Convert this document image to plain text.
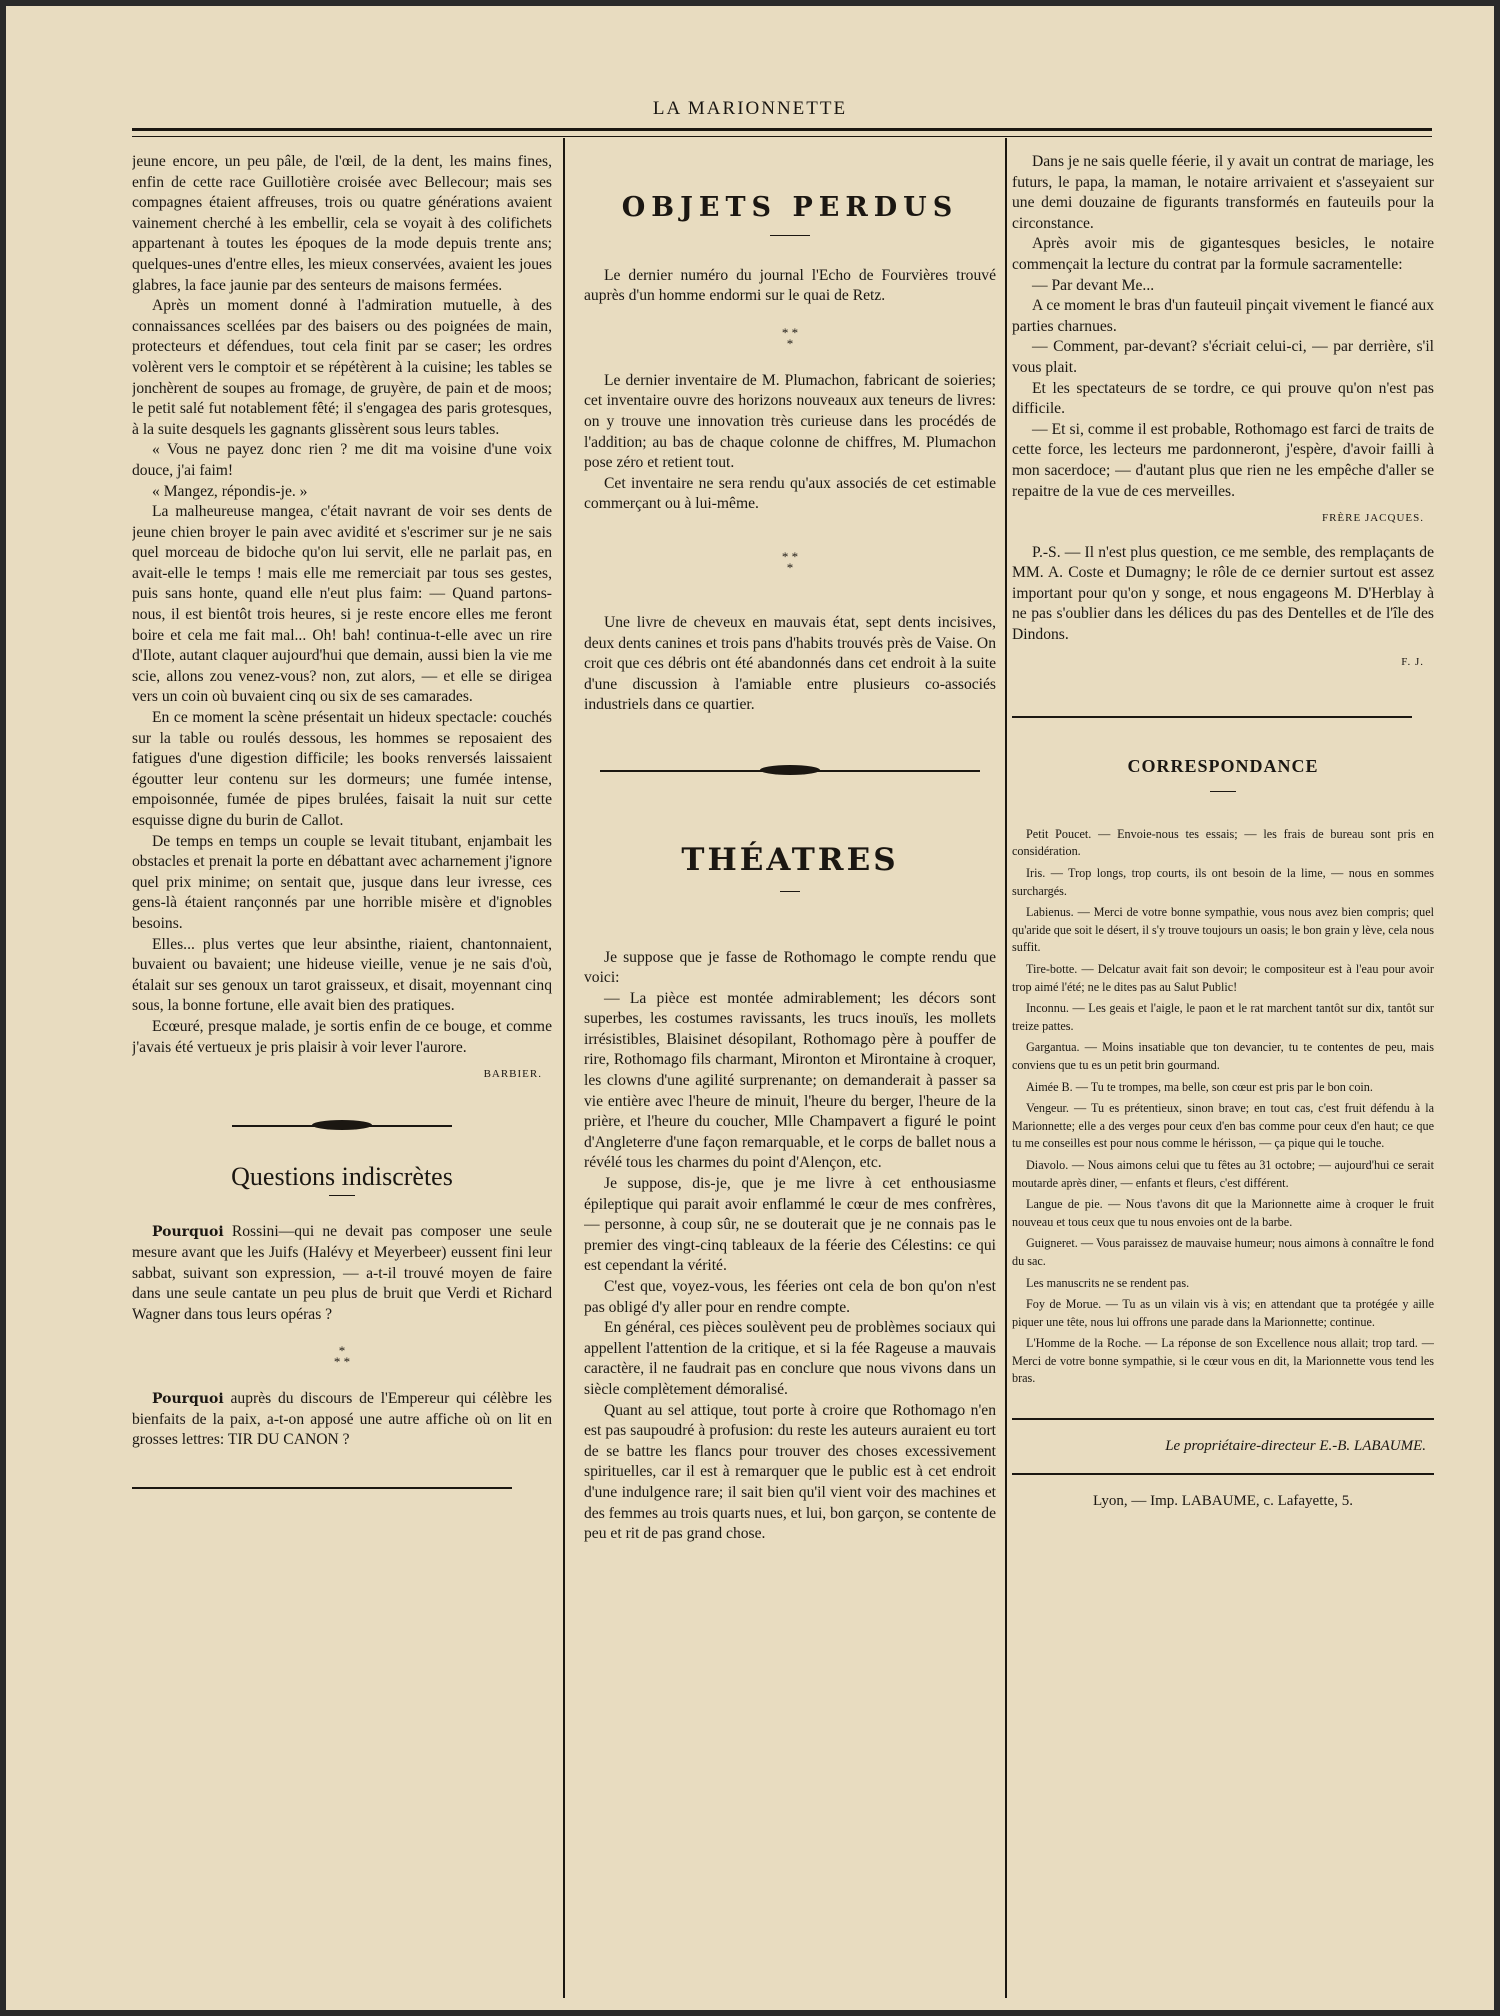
LA MARIONNETTE

jeune encore, un peu pâle, de l'œil, de la dent, les mains fines, enfin de cette race Guillotière croisée avec Bellecour; mais ses compagnes étaient affreuses, trois ou quatre générations avaient vainement cherché à les embellir, cela se voyait à des colifichets appartenant à toutes les époques de la mode depuis trente ans; quelques-unes d'entre elles, les mieux conservées, avaient les joues glabres, la face jaunie par des senteurs de maisons fermées.

Après un moment donné à l'admiration mutuelle, à des connaissances scellées par des baisers ou des poignées de main, protecteurs et défendues, tout cela finit par se caser; les ordres volèrent vers le comptoir et se répétèrent à la cuisine; les tables se jonchèrent de soupes au fromage, de gruyère, de pain et de moos; le petit salé fut notablement fêté; il s'engagea des paris grotesques, à la suite desquels les gagnants glissèrent sous leurs tables.

« Vous ne payez donc rien ? me dit ma voisine d'une voix douce, j'ai faim!

« Mangez, répondis-je. »

La malheureuse mangea, c'était navrant de voir ses dents de jeune chien broyer le pain avec avidité et s'escrimer sur je ne sais quel morceau de bidoche qu'on lui servit, elle ne parlait pas, en avait-elle le temps ! mais elle me remerciait par tous ses gestes, puis sans honte, quand elle n'eut plus faim: — Quand partons-nous, il est bientôt trois heures, si je reste encore elles me feront boire et cela me fait mal... Oh! bah! continua-t-elle avec un rire d'Ilote, autant claquer aujourd'hui que demain, aussi bien la vie me scie, allons zou venez-vous? non, zut alors, — et elle se dirigea vers un coin où buvaient cinq ou six de ses camarades.

En ce moment la scène présentait un hideux spectacle: couchés sur la table ou roulés dessous, les hommes se reposaient des fatigues d'une digestion difficile; les books renversés laissaient égoutter leur contenu sur les dormeurs; une fumée intense, empoisonnée, fumée de pipes brulées, faisait la nuit sur cette esquisse digne du burin de Callot.

De temps en temps un couple se levait titubant, enjambait les obstacles et prenait la porte en débattant avec acharnement j'ignore quel prix minime; on sentait que, jusque dans leur ivresse, ces gens-là étaient rançonnés par une horrible misère et d'ignobles besoins.

Elles... plus vertes que leur absinthe, riaient, chantonnaient, buvaient ou bavaient; une hideuse vieille, venue je ne sais d'où, étalait sur ses genoux un tarot graisseux, et disait, moyennant cinq sous, la bonne fortune, elle avait bien des pratiques.

Ecœuré, presque malade, je sortis enfin de ce bouge, et comme j'avais été vertueux je pris plaisir à voir lever l'aurore.

BARBIER.
Questions indiscrètes

Pourquoi Rossini—qui ne devait pas composer une seule mesure avant que les Juifs (Halévy et Meyerbeer) eussent fini leur sabbat, suivant son expression, — a-t-il trouvé moyen de faire dans une seule cantate un peu plus de bruit que Verdi et Richard Wagner dans tous leurs opéras ?

*
* *

Pourquoi auprès du discours de l'Empereur qui célèbre les bienfaits de la paix, a-t-on apposé une autre affiche où on lit en grosses lettres: TIR DU CANON ?

OBJETS PERDUS

Le dernier numéro du journal l'Echo de Fourvières trouvé auprès d'un homme endormi sur le quai de Retz.

* *
*

Le dernier inventaire de M. Plumachon, fabricant de soieries; cet inventaire ouvre des horizons nouveaux aux teneurs de livres: on y trouve une innovation très curieuse dans les procédés de l'addition; au bas de chaque colonne de chiffres, M. Plumachon pose zéro et retient tout.

Cet inventaire ne sera rendu qu'aux associés de cet estimable commerçant ou à lui-même.

* *
*

Une livre de cheveux en mauvais état, sept dents incisives, deux dents canines et trois pans d'habits trouvés près de Vaise. On croit que ces débris ont été abandonnés dans cet endroit à la suite d'une discussion à l'amiable entre plusieurs co-associés industriels dans ce quartier.

THÉATRES

Je suppose que je fasse de Rothomago le compte rendu que voici:

— La pièce est montée admirablement; les décors sont superbes, les costumes ravissants, les trucs inouïs, les mollets irrésistibles, Blaisinet désopilant, Rothomago père à pouffer de rire, Rothomago fils charmant, Mironton et Mirontaine à croquer, les clowns d'une agilité surprenante; on demanderait à passer sa vie entière avec l'heure de minuit, l'heure du berger, l'heure de la prière, et l'heure du coucher, Mlle Champavert a figuré le point d'Angleterre d'une façon remarquable, et le corps de ballet nous a révélé tous les charmes du point d'Alençon, etc.

Je suppose, dis-je, que je me livre à cet enthousiasme épileptique qui parait avoir enflammé le cœur de mes confrères, — personne, à coup sûr, ne se douterait que je ne connais pas le premier des vingt-cinq tableaux de la féerie des Célestins: ce qui est cependant la vérité.

C'est que, voyez-vous, les féeries ont cela de bon qu'on n'est pas obligé d'y aller pour en rendre compte.

En général, ces pièces soulèvent peu de problèmes sociaux qui appellent l'attention de la critique, et si la fée Rageuse a mauvais caractère, il ne faudrait pas en conclure que nous vivons dans un siècle complètement démoralisé.

Quant au sel attique, tout porte à croire que Rothomago n'en est pas saupoudré à profusion: du reste les auteurs auraient eu tort de se battre les flancs pour trouver des choses excessivement spirituelles, car il est à remarquer que le public est à cet endroit d'une indulgence rare; il sait bien qu'il vient voir des machines et des femmes au trois quarts nues, et lui, bon garçon, se contente de peu et rit de pas grand chose.

Dans je ne sais quelle féerie, il y avait un contrat de mariage, les futurs, le papa, la maman, le notaire arrivaient et s'asseyaient sur une demi douzaine de figurants transformés en fauteuils pour la circonstance.

Après avoir mis de gigantesques besicles, le notaire commençait la lecture du contrat par la formule sacramentelle:

— Par devant Me...

A ce moment le bras d'un fauteuil pinçait vivement le fiancé aux parties charnues.

— Comment, par-devant? s'écriait celui-ci, — par derrière, s'il vous plait.

Et les spectateurs de se tordre, ce qui prouve qu'on n'est pas difficile.

— Et si, comme il est probable, Rothomago est farci de traits de cette force, les lecteurs me pardonneront, j'espère, d'avoir failli à mon sacerdoce; — d'autant plus que rien ne les empêche d'aller se repaitre de la vue de ces merveilles.

FRÈRE JACQUES.

P.-S. — Il n'est plus question, ce me semble, des remplaçants de MM. A. Coste et Dumagny; le rôle de ce dernier surtout est assez important pour qu'on y songe, et nous engageons M. D'Herblay à ne pas s'oublier dans les délices du pas des Dentelles et de l'île des Dindons.

F. J.
CORRESPONDANCE

Petit Poucet. — Envoie-nous tes essais; — les frais de bureau sont pris en considération.

Iris. — Trop longs, trop courts, ils ont besoin de la lime, — nous en sommes surchargés.

Labienus. — Merci de votre bonne sympathie, vous nous avez bien compris; quel qu'aride que soit le désert, il s'y trouve toujours un oasis; le bon grain y lève, cela nous suffit.

Tire-botte. — Delcatur avait fait son devoir; le compositeur est à l'eau pour avoir trop aimé l'été; ne le dites pas au Salut Public!

Inconnu. — Les geais et l'aigle, le paon et le rat marchent tantôt sur dix, tantôt sur treize pattes.

Gargantua. — Moins insatiable que ton devancier, tu te contentes de peu, mais conviens que tu es un petit brin gourmand.

Aimée B. — Tu te trompes, ma belle, son cœur est pris par le bon coin.

Vengeur. — Tu es prétentieux, sinon brave; en tout cas, c'est fruit défendu à la Marionnette; elle a des verges pour ceux d'en bas comme pour ceux d'en haut; ce que tu me conseilles est pour nous comme le hérisson, — ça pique qui le touche.

Diavolo. — Nous aimons celui que tu fêtes au 31 octobre; — aujourd'hui ce serait moutarde après diner, — enfants et fleurs, c'est différent.

Langue de pie. — Nous t'avons dit que la Marionnette aime à croquer le fruit nouveau et tous ceux que tu nous envoies ont de la barbe.

Guigneret. — Vous paraissez de mauvaise humeur; nous aimons à connaître le fond du sac.

Les manuscrits ne se rendent pas.

Foy de Morue. — Tu as un vilain vis à vis; en attendant que ta protégée y aille piquer une tête, nous lui offrons une parade dans la Marionnette; continue.

L'Homme de la Roche. — La réponse de son Excellence nous allait; trop tard. — Merci de votre bonne sympathie, si le cœur vous en dit, la Marionnette vous tend les bras.

Le propriétaire-directeur E.-B. LABAUME.
Lyon, — Imp. LABAUME, c. Lafayette, 5.
